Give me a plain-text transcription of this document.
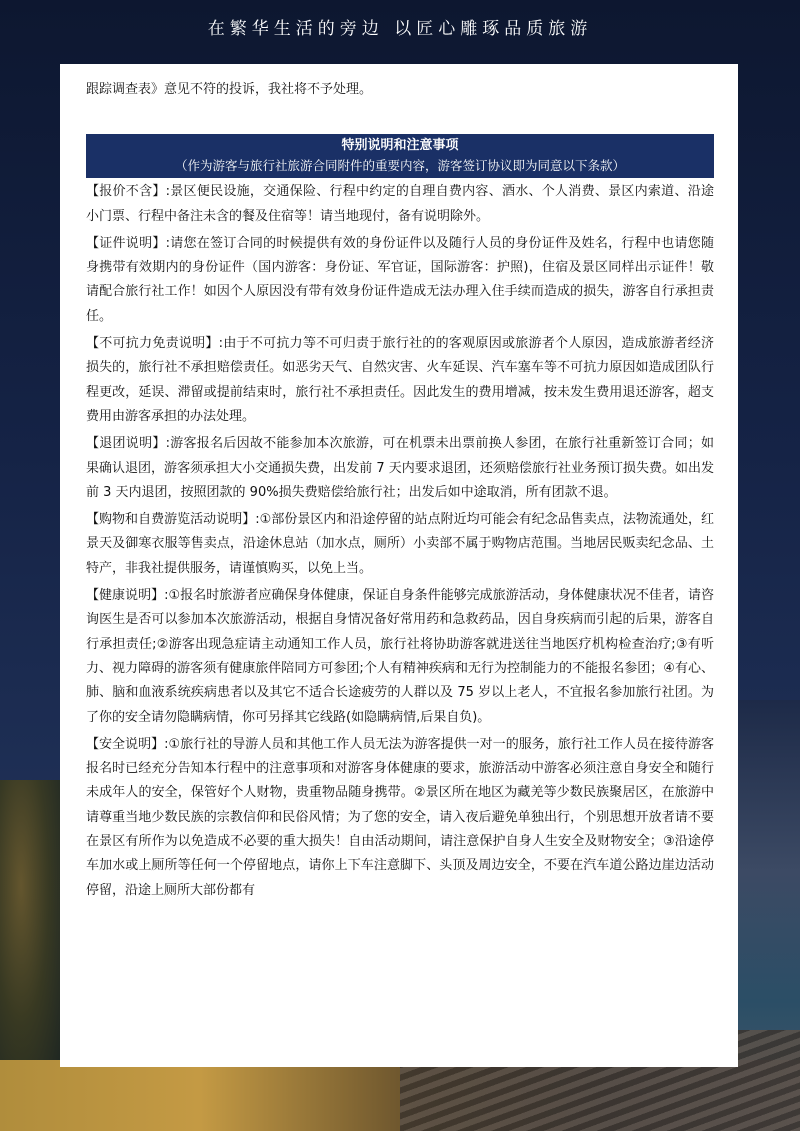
在繁华生活的旁边 以匠心雕琢品质旅游

跟踪调查表》意见不符的投诉，我社将不予处理。

特别说明和注意事项
（作为游客与旅行社旅游合同附件的重要内容，游客签订协议即为同意以下条款）

【报价不含】:景区便民设施，交通保险、行程中约定的自理自费内容、酒水、个人消费、景区内索道、沿途小门票、行程中备注未含的餐及住宿等！请当地现付，备有说明除外。

【证件说明】:请您在签订合同的时候提供有效的身份证件以及随行人员的身份证件及姓名，行程中也请您随身携带有效期内的身份证件（国内游客：身份证、军官证，国际游客：护照)，住宿及景区同样出示证件！敬请配合旅行社工作！如因个人原因没有带有效身份证件造成无法办理入住手续而造成的损失，游客自行承担责任。

【不可抗力免责说明】:由于不可抗力等不可归责于旅行社的的客观原因或旅游者个人原因，造成旅游者经济损失的，旅行社不承担赔偿责任。如恶劣天气、自然灾害、火车延误、汽车塞车等不可抗力原因如造成团队行程更改，延误、滞留或提前结束时，旅行社不承担责任。因此发生的费用增减，按未发生费用退还游客，超支费用由游客承担的办法处理。

【退团说明】:游客报名后因故不能参加本次旅游，可在机票未出票前换人参团，在旅行社重新签订合同；如果确认退团，游客须承担大小交通损失费，出发前 7 天内要求退团，还须赔偿旅行社业务预订损失费。如出发前 3 天内退团，按照团款的 90%损失费赔偿给旅行社；出发后如中途取消，所有团款不退。

【购物和自费游览活动说明】:①部份景区内和沿途停留的站点附近均可能会有纪念品售卖点，法物流通处，红景天及御寒衣服等售卖点，沿途休息站（加水点，厕所）小卖部不属于购物店范围。当地居民贩卖纪念品、土特产，非我社提供服务，请谨慎购买，以免上当。

【健康说明】:①报名时旅游者应确保身体健康，保证自身条件能够完成旅游活动，身体健康状况不佳者，请咨询医生是否可以参加本次旅游活动，根据自身情况备好常用药和急救药品，因自身疾病而引起的后果，游客自行承担责任;②游客出现急症请主动通知工作人员，旅行社将协助游客就进送往当地医疗机构检查治疗;③有听力、视力障碍的游客须有健康旅伴陪同方可参团;个人有精神疾病和无行为控制能力的不能报名参团；④有心、肺、脑和血液系统疾病患者以及其它不适合长途疲劳的人群以及 75 岁以上老人，不宜报名参加旅行社团。为了你的安全请勿隐瞒病情，你可另择其它线路(如隐瞒病情,后果自负)。

【安全说明】:①旅行社的导游人员和其他工作人员无法为游客提供一对一的服务，旅行社工作人员在接待游客报名时已经充分告知本行程中的注意事项和对游客身体健康的要求，旅游活动中游客必须注意自身安全和随行未成年人的安全，保管好个人财物，贵重物品随身携带。②景区所在地区为藏羌等少数民族聚居区，在旅游中请尊重当地少数民族的宗教信仰和民俗风情；为了您的安全，请入夜后避免单独出行，个别思想开放者请不要在景区有所作为以免造成不必要的重大损失！自由活动期间，请注意保护自身人生安全及财物安全；③沿途停车加水或上厕所等任何一个停留地点，请你上下车注意脚下、头顶及周边安全，不要在汽车道公路边崖边活动停留，沿途上厕所大部份都有
